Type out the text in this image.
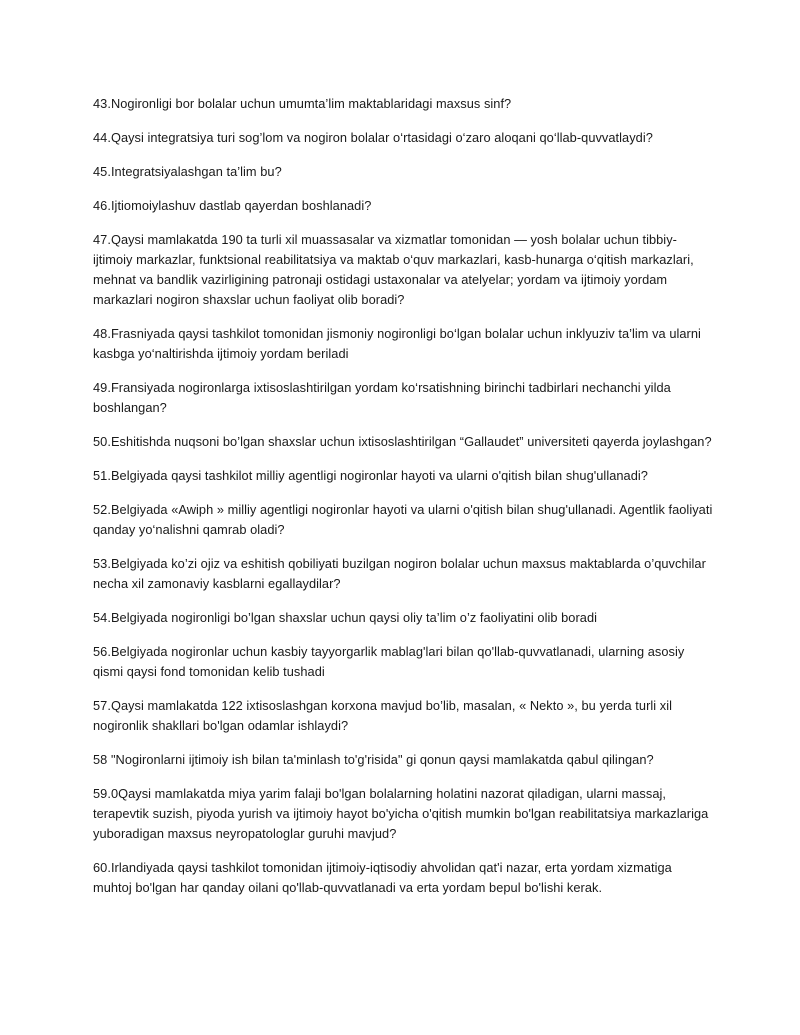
43.Nogironligi bor bolalar uchun umumta’lim maktablaridagi maxsus sinf?

44.Qaysi integratsiya turi sog’lom va nogiron bolalar o‘rtasidagi o‘zaro aloqani qo‘llab-quvvatlaydi?

45.Integratsiyalashgan ta’lim bu?

46.Ijtiomoiylashuv dastlab qayerdan boshlanadi?

47.Qaysi mamlakatda 190 ta turli xil muassasalar va xizmatlar tomonidan — yosh bolalar uchun tibbiy-ijtimoiy markazlar, funktsional reabilitatsiya va maktab o‘quv markazlari, kasb-hunarga o‘qitish markazlari, mehnat va bandlik vazirligining patronaji ostidagi ustaxonalar va atelyelar; yordam va ijtimoiy yordam markazlari nogiron shaxslar uchun faoliyat olib boradi?

48.Frasniyada qaysi tashkilot tomonidan jismoniy nogironligi bo‘lgan bolalar uchun inklyuziv ta’lim va ularni kasbga yo‘naltirishda ijtimoiy yordam beriladi

49.Fransiyada nogironlarga ixtisoslashtirilgan yordam ko‘rsatishning birinchi tadbirlari nechanchi yilda boshlangan?

50.Eshitishda nuqsoni bo’lgan shaxslar uchun ixtisoslashtirilgan “Gallaudet” universiteti qayerda joylashgan?

51.Belgiyada qaysi tashkilot milliy agentligi nogironlar hayoti va ularni o'qitish bilan shug'ullanadi?

52.Belgiyada «Awiph » milliy agentligi nogironlar hayoti va ularni o'qitish bilan shug'ullanadi. Agentlik faoliyati qanday yo‘nalishni qamrab oladi?

53.Belgiyada ko’zi ojiz va eshitish qobiliyati buzilgan nogiron bolalar uchun maxsus maktablarda o’quvchilar necha xil zamonaviy kasblarni egallaydilar?

54.Belgiyada nogironligi bo’lgan shaxslar uchun qaysi oliy ta’lim o’z faoliyatini olib boradi

56.Belgiyada nogironlar uchun kasbiy tayyorgarlik mablag'lari bilan qo'llab-quvvatlanadi, ularning asosiy qismi qaysi fond tomonidan kelib tushadi

57.Qaysi mamlakatda 122 ixtisoslashgan korxona mavjud bo’lib, masalan, « Nekto », bu yerda turli xil nogironlik shakllari bo'lgan odamlar ishlaydi?

58 "Nogironlarni ijtimoiy ish bilan ta'minlash to'g'risida" gi qonun qaysi mamlakatda qabul qilingan?

59.0Qaysi mamlakatda miya yarim falaji bo'lgan bolalarning holatini nazorat qiladigan, ularni massaj, terapevtik suzish, piyoda yurish va ijtimoiy hayot bo'yicha o'qitish mumkin bo'lgan reabilitatsiya markazlariga yuboradigan maxsus neyropatologlar guruhi mavjud?

60.Irlandiyada qaysi tashkilot tomonidan ijtimoiy-iqtisodiy ahvolidan qat'i nazar, erta yordam xizmatiga muhtoj bo'lgan har qanday oilani qo'llab-quvvatlanadi va erta yordam bepul bo'lishi kerak.
